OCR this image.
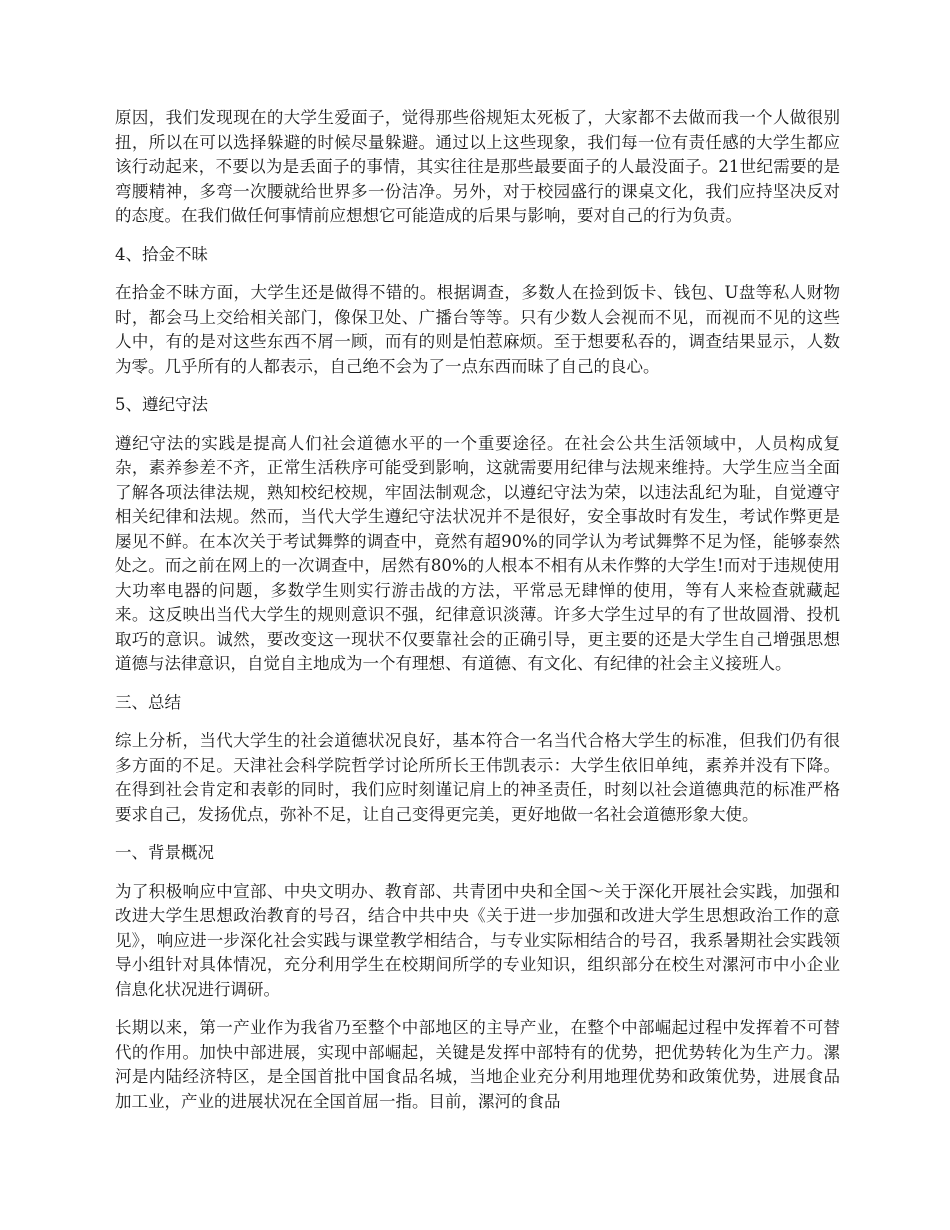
原因，我们发现现在的大学生爱面子，觉得那些俗规矩太死板了，大家都不去做而我一个人做很别扭，所以在可以选择躲避的时候尽量躲避。通过以上这些现象，我们每一位有责任感的大学生都应该行动起来，不要以为是丢面子的事情，其实往往是那些最要面子的人最没面子。21世纪需要的是弯腰精神，多弯一次腰就给世界多一份洁净。另外，对于校园盛行的课桌文化，我们应持坚决反对的态度。在我们做任何事情前应想想它可能造成的后果与影响，要对自己的行为负责。

4、拾金不昧

在拾金不昧方面，大学生还是做得不错的。根据调查，多数人在捡到饭卡、钱包、U盘等私人财物时，都会马上交给相关部门，像保卫处、广播台等等。只有少数人会视而不见，而视而不见的这些人中，有的是对这些东西不屑一顾，而有的则是怕惹麻烦。至于想要私吞的，调查结果显示，人数为零。几乎所有的人都表示，自己绝不会为了一点东西而昧了自己的良心。

5、遵纪守法

遵纪守法的实践是提高人们社会道德水平的一个重要途径。在社会公共生活领域中，人员构成复杂，素养参差不齐，正常生活秩序可能受到影响，这就需要用纪律与法规来维持。大学生应当全面了解各项法律法规，熟知校纪校规，牢固法制观念，以遵纪守法为荣，以违法乱纪为耻，自觉遵守相关纪律和法规。然而，当代大学生遵纪守法状况并不是很好，安全事故时有发生，考试作弊更是屡见不鲜。在本次关于考试舞弊的调查中，竟然有超90%的同学认为考试舞弊不足为怪，能够泰然处之。而之前在网上的一次调查中，居然有80%的人根本不相有从未作弊的大学生!而对于违规使用大功率电器的问题，多数学生则实行游击战的方法，平常忌无肆惮的使用，等有人来检查就藏起来。这反映出当代大学生的规则意识不强，纪律意识淡薄。许多大学生过早的有了世故圆滑、投机取巧的意识。诚然，要改变这一现状不仅要靠社会的正确引导，更主要的还是大学生自己增强思想道德与法律意识，自觉自主地成为一个有理想、有道德、有文化、有纪律的社会主义接班人。

三、总结

综上分析，当代大学生的社会道德状况良好，基本符合一名当代合格大学生的标准，但我们仍有很多方面的不足。天津社会科学院哲学讨论所所长王伟凯表示：大学生依旧单纯，素养并没有下降。在得到社会肯定和表彰的同时，我们应时刻谨记肩上的神圣责任，时刻以社会道德典范的标准严格要求自己，发扬优点，弥补不足，让自己变得更完美，更好地做一名社会道德形象大使。

一、背景概况

为了积极响应中宣部、中央文明办、教育部、共青团中央和全国～关于深化开展社会实践，加强和改进大学生思想政治教育的号召，结合中共中央《关于进一步加强和改进大学生思想政治工作的意见》，响应进一步深化社会实践与课堂教学相结合，与专业实际相结合的号召，我系暑期社会实践领导小组针对具体情况，充分利用学生在校期间所学的专业知识，组织部分在校生对漯河市中小企业信息化状况进行调研。

长期以来，第一产业作为我省乃至整个中部地区的主导产业，在整个中部崛起过程中发挥着不可替代的作用。加快中部进展，实现中部崛起，关键是发挥中部特有的优势，把优势转化为生产力。漯河是内陆经济特区，是全国首批中国食品名城，当地企业充分利用地理优势和政策优势，进展食品加工业，产业的进展状况在全国首屈一指。目前，漯河的食品
